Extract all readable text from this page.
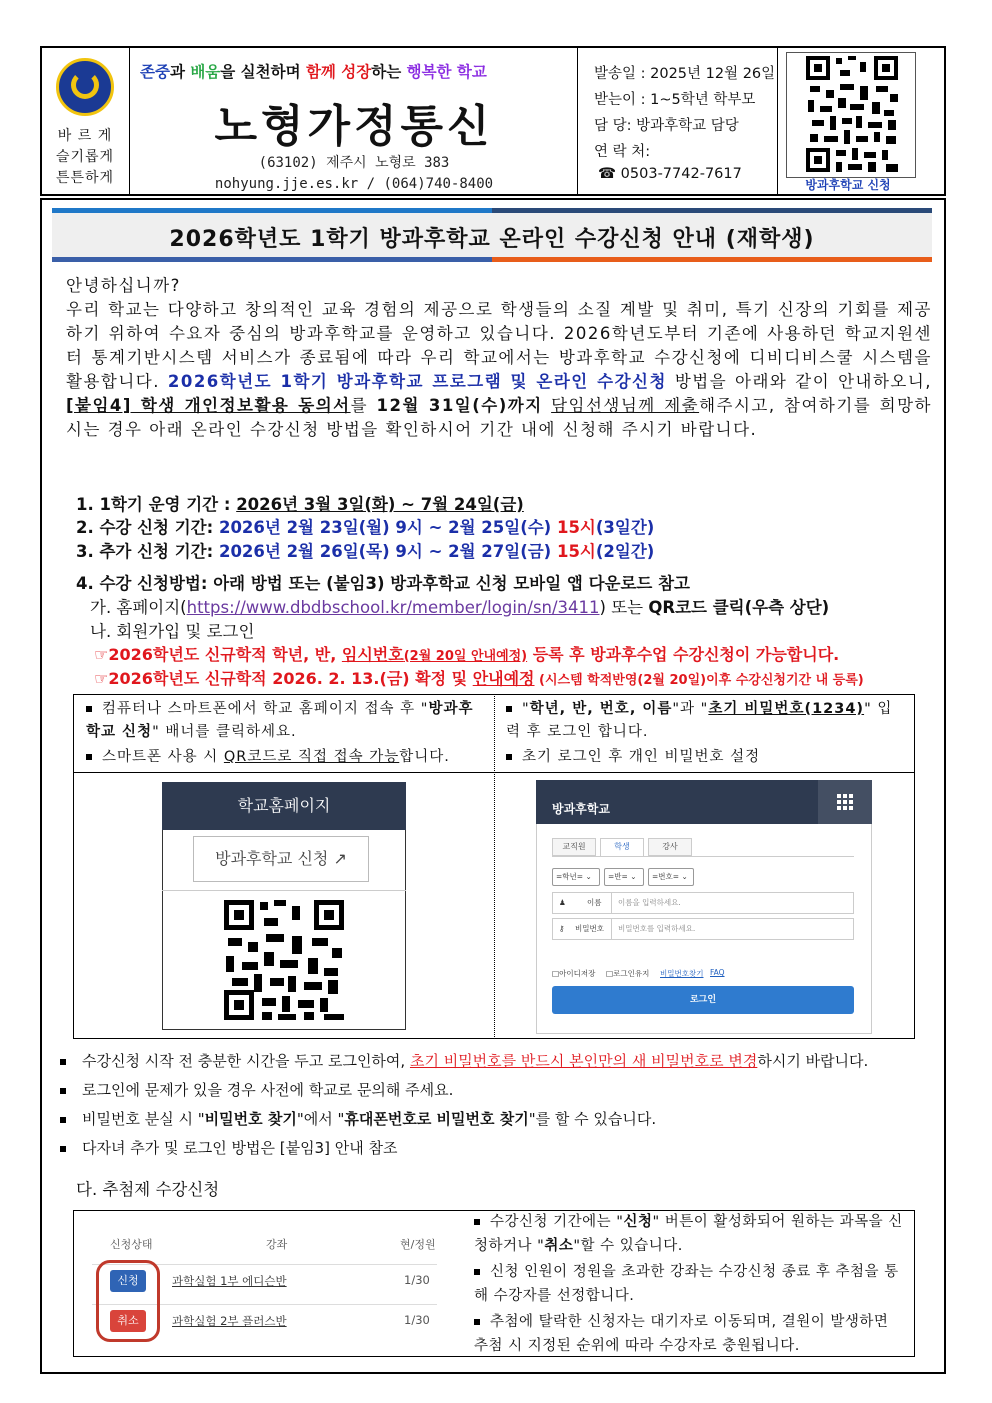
바 르 게
슬기롭게
튼튼하게
존중과 배움을 실천하며 함께 성장하는 행복한 학교
노형가정통신
(63102) 제주시 노형로 383
nohyung.jje.es.kr / (064)740-8400
발송일 : 2025년 12월 26일
받는이 : 1~5학년 학부모
담 당: 방과후학교 담당
연 락 처:
☎ 0503-7742-7617
방과후학교 신청
2026학년도 1학기 방과후학교 온라인 수강신청 안내 (재학생)
안녕하십니까?
우리 학교는 다양하고 창의적인 교육 경험의 제공으로 학생들의 소질 계발 및 취미, 특기 신장의 기회를 제공하기 위하여 수요자 중심의 방과후학교를 운영하고 있습니다. 2026학년도부터 기존에 사용하던 학교지원센터 통계기반시스템 서비스가 종료됨에 따라 우리 학교에서는 방과후학교 수강신청에 디비디비스쿨 시스템을 활용합니다. 2026학년도 1학기 방과후학교 프로그램 및 온라인 수강신청 방법을 아래와 같이 안내하오니, [붙임4] 학생 개인정보활용 동의서를 12월 31일(수)까지 담임선생님께 제출해주시고, 참여하기를 희망하시는 경우 아래 온라인 수강신청 방법을 확인하시어 기간 내에 신청해 주시기 바랍니다.
1. 1학기 운영 기간 : 2026년 3월 3일(화) ~ 7월 24일(금)
2. 수강 신청 기간: 2026년 2월 23일(월) 9시 ~ 2월 25일(수) 15시(3일간)
3. 추가 신청 기간: 2026년 2월 26일(목) 9시 ~ 2월 27일(금) 15시(2일간)
4. 수강 신청방법: 아래 방법 또는 (붙임3) 방과후학교 신청 모바일 앱 다운로드 참고
가. 홈페이지(https://www.dbdbschool.kr/member/login/sn/3411) 또는 QR코드 클릭(우측 상단)
나. 회원가입 및 로그인
☞2026학년도 신규학적 학년, 반, 임시번호(2월 20일 안내예정) 등록 후 방과후수업 수강신청이 가능합니다.
☞2026학년도 신규학적 2026. 2. 13.(금) 확정 및 안내예정 (시스템 학적반영(2월 20일)이후 수강신청기간 내 등록)
컴퓨터나 스마트폰에서 학교 홈페이지 접속 후 "방과후학교 신청" 배너를 클릭하세요.
스마트폰 사용 시 QR코드로 직접 접속 가능합니다.
"학년, 반, 번호, 이름"과 "초기 비밀번호(1234)" 입력 후 로그인 합니다.
초기 로그인 후 개인 비밀번호 설정
학교홈페이지
방과후학교 신청 ↗
방과후학교
교직원	학생	강사
=학년= ⌄	=반= ⌄	=번호= ⌄
♟	이름	이름을 입력하세요.
⚷ 비밀번호	비밀번호를 입력하세요.
□아이디저장 □로그인유지 비밀번호찾기 FAQ
로그인
수강신청 시작 전 충분한 시간을 두고 로그인하여, 초기 비밀번호를 반드시 본인만의 새 비밀번호로 변경하시기 바랍니다.
로그인에 문제가 있을 경우 사전에 학교로 문의해 주세요.
비밀번호 분실 시 "비밀번호 찾기"에서 "휴대폰번호로 비밀번호 찾기"를 할 수 있습니다.
다자녀 추가 및 로그인 방법은 [붙임3] 안내 참조
다. 추첨제 수강신청
신청상태	강좌	현/정원
신청	과학실험 1부 에디슨반	1/30
취소	과학실험 2부 플러스반	1/30
수강신청 기간에는 "신청" 버튼이 활성화되어 원하는 과목을 신청하거나 "취소"할 수 있습니다.
신청 인원이 정원을 초과한 강좌는 수강신청 종료 후 추첨을 통해 수강자를 선정합니다.
추첨에 탈락한 신청자는 대기자로 이동되며, 결원이 발생하면 추첨 시 지정된 순위에 따라 수강자로 충원됩니다.
